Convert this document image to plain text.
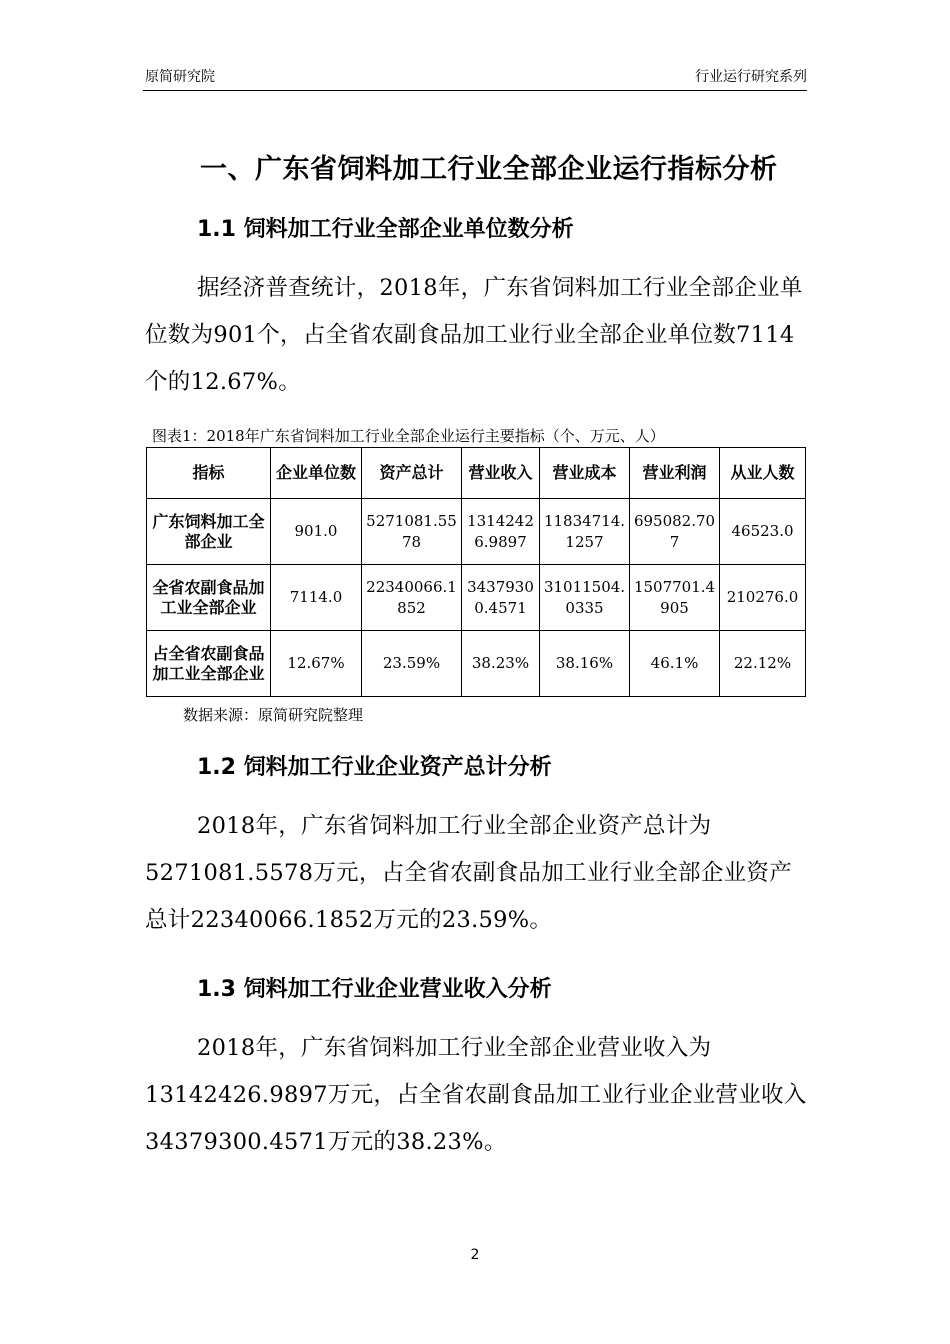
原简研究院	行业运行研究系列
一、广东省饲料加工行业全部企业运行指标分析
1.1 饲料加工行业全部企业单位数分析

据经济普查统计，2018年，广东省饲料加工行业全部企业单位数为901个，占全省农副食品加工业行业全部企业单位数7114个的12.67%。

图表1：2018年广东省饲料加工行业全部企业运行主要指标（个、万元、人）

指标	企业单位数	资产总计	营业收入	营业成本	营业利润	从业人数
广东饲料加工全部企业	901.0	5271081.5578	13142426.9897	11834714.1257	695082.707	46523.0
全省农副食品加工业全部企业	7114.0	22340066.1852	34379300.4571	31011504.0335	1507701.4905	210276.0
占全省农副食品加工业全部企业	12.67%	23.59%	38.23%	38.16%	46.1%	22.12%

数据来源：原简研究院整理

1.2 饲料加工行业企业资产总计分析

2018年，广东省饲料加工行业全部企业资产总计为5271081.5578万元，占全省农副食品加工业行业全部企业资产总计22340066.1852万元的23.59%。

1.3 饲料加工行业企业营业收入分析

2018年，广东省饲料加工行业全部企业营业收入为13142426.9897万元，占全省农副食品加工业行业企业营业收入34379300.4571万元的38.23%。

2
